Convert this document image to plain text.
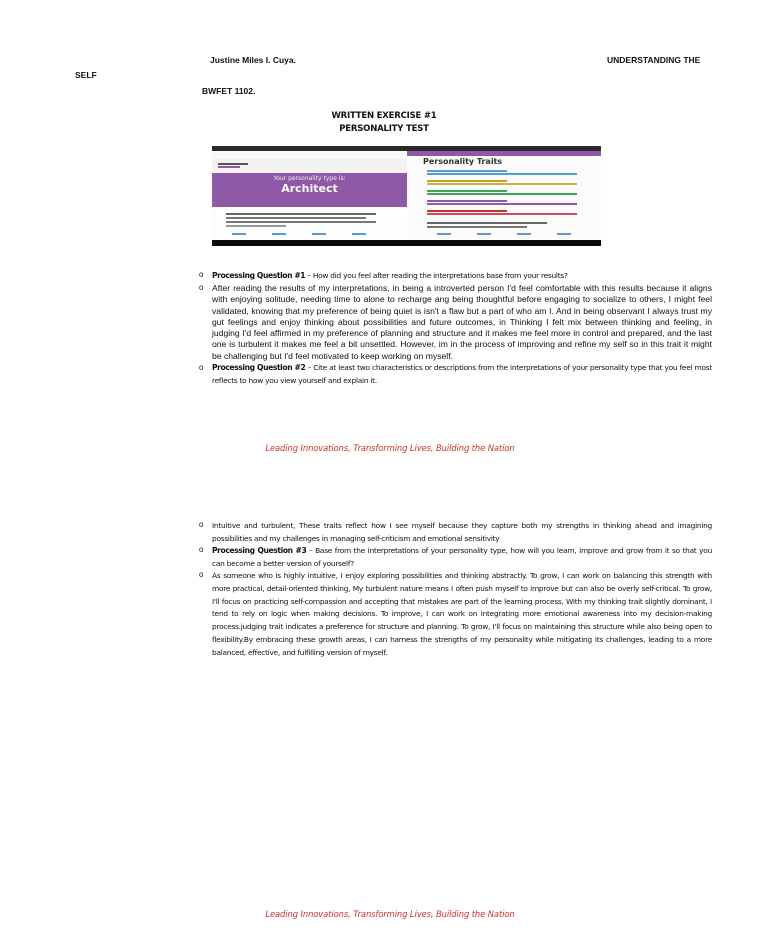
Justine Miles I. Cuya.	UNDERSTANDING THE
SELF
BWFET 1102.
WRITTEN EXERCISE #1
PERSONALITY TEST
Your personality type is:
Architect
Personality Traits
o Processing Question #1 – How did you feel after reading the interpretations base from your results?
o After reading the results of my interpretations, in being a introverted person I'd feel comfortable with this results because it aligns with enjoying solitude, needing time to alone to recharge ang being thoughtful before engaging to socialize to others, I might feel validated, knowing that my preference of being quiet is isn't a flaw but a part of who am I. And in being observant I always trust my gut feelings and enjoy thinking about possibilities and future outcomes, in Thinking I felt mix between thinking and feeling, in judging I'd feel affirmed in my preference of planning and structure and it makes me feel more in control and prepared, and the last one is turbulent it makes me feel a bit unsettled. However, im in the process of improving and refine my self so in this trait it might be challenging but I'd feel motivated to keep working on myself.
o Processing Question #2 – Cite at least two characteristics or descriptions from the interpretations of your personality type that you feel most reflects to how you view yourself and explain it.
Leading Innovations, Transforming Lives, Building the Nation
o Intuitive and turbulent, These traits reflect how I see myself because they capture both my strengths in thinking ahead and imagining possibilities and my challenges in managing self-criticism and emotional sensitivity
o Processing Question #3 – Base from the interpretations of your personality type, how will you learn, improve and grow from it so that you can become a better version of yourself?
o As someone who is highly intuitive, I enjoy exploring possibilities and thinking abstractly. To grow, I can work on balancing this strength with more practical, detail-oriented thinking, My turbulent nature means I often push myself to improve but can also be overly self-critical. To grow, I'll focus on practicing self-compassion and accepting that mistakes are part of the learning process, With my thinking trait slightly dominant, I tend to rely on logic when making decisions. To improve, I can work on integrating more emotional awareness into my decision-making process.judging trait indicates a preference for structure and planning. To grow, I'll focus on maintaining this structure while also being open to flexibility.By embracing these growth areas, I can harness the strengths of my personality while mitigating its challenges, leading to a more balanced, effective, and fulfilling version of myself.
Leading Innovations, Transforming Lives, Building the Nation
